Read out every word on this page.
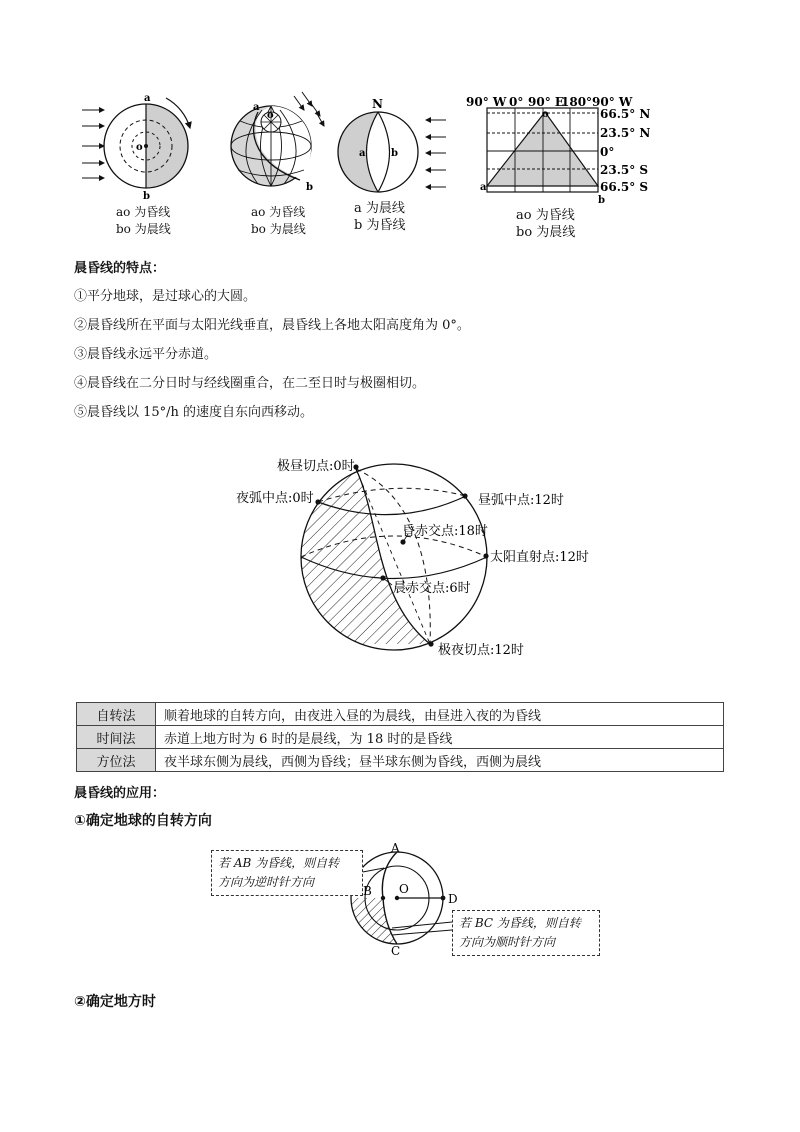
a
o
b
a
o
b
N
a	b
90° W 0° 90° E
180° 90° W
66.5° N
23.5° N
0°
23.5° S
66.5° S
o
a
b
ao 为昏线
bo 为晨线
ao 为昏线
bo 为晨线
a 为晨线
b 为昏线
ao 为昏线
bo 为晨线
晨昏线的特点：
①平分地球，是过球心的大圆。
②晨昏线所在平面与太阳光线垂直，晨昏线上各地太阳高度角为 0°。
③晨昏线永远平分赤道。
④晨昏线在二分日时与经线圈重合，在二至日时与极圈相切。
⑤晨昏线以 15°/h 的速度自东向西移动。
极昼切点:0时
夜弧中点:0时	昼弧中点:12时
昏赤交点:18时
太阳直射点:12时
晨赤交点:6时
极夜切点:12时
自转法	顺着地球的自转方向，由夜进入昼的为晨线，由昼进入夜的为昏线
时间法	赤道上地方时为 6 时的是晨线，为 18 时的是昏线
方位法	夜半球东侧为晨线，西侧为昏线；昼半球东侧为昏线，西侧为晨线
晨昏线的应用：
①确定地球的自转方向
A
B
C
D
O
若 AB 为昏线，则自转
方向为逆时针方向
若 BC 为昏线，则自转
方向为顺时针方向
②确定地方时
